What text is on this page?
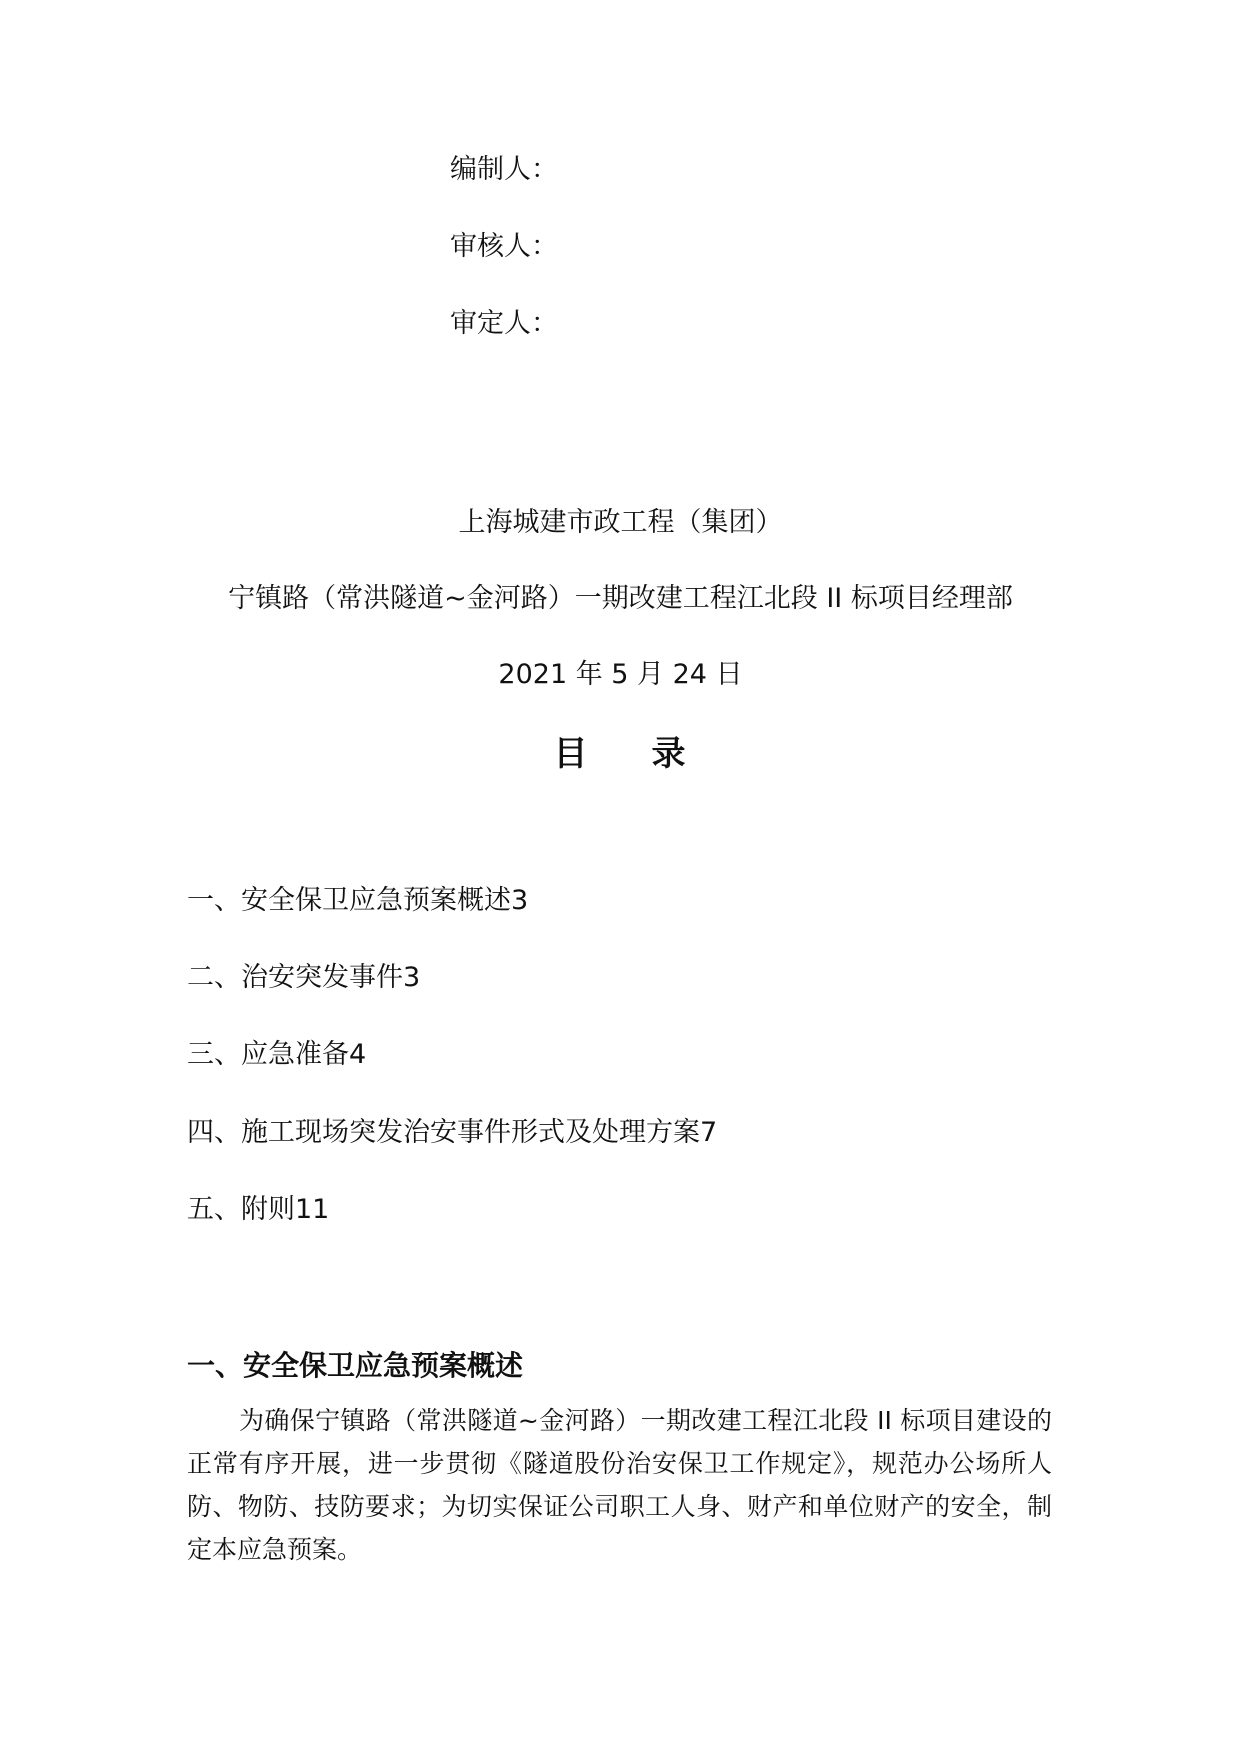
编制人：
审核人：
审定人：
上海城建市政工程（集团）
宁镇路（常洪隧道~金河路）一期改建工程江北段 II 标项目经理部
2021 年 5 月 24 日
目 录
一、安全保卫应急预案概述3
二、治安突发事件3
三、应急准备4
四、施工现场突发治安事件形式及处理方案7
五、附则11
一、安全保卫应急预案概述
为确保宁镇路（常洪隧道~金河路）一期改建工程江北段 II 标项目建设的正常有序开展，进一步贯彻《隧道股份治安保卫工作规定》，规范办公场所人防、物防、技防要求；为切实保证公司职工人身、财产和单位财产的安全，制定本应急预案。
